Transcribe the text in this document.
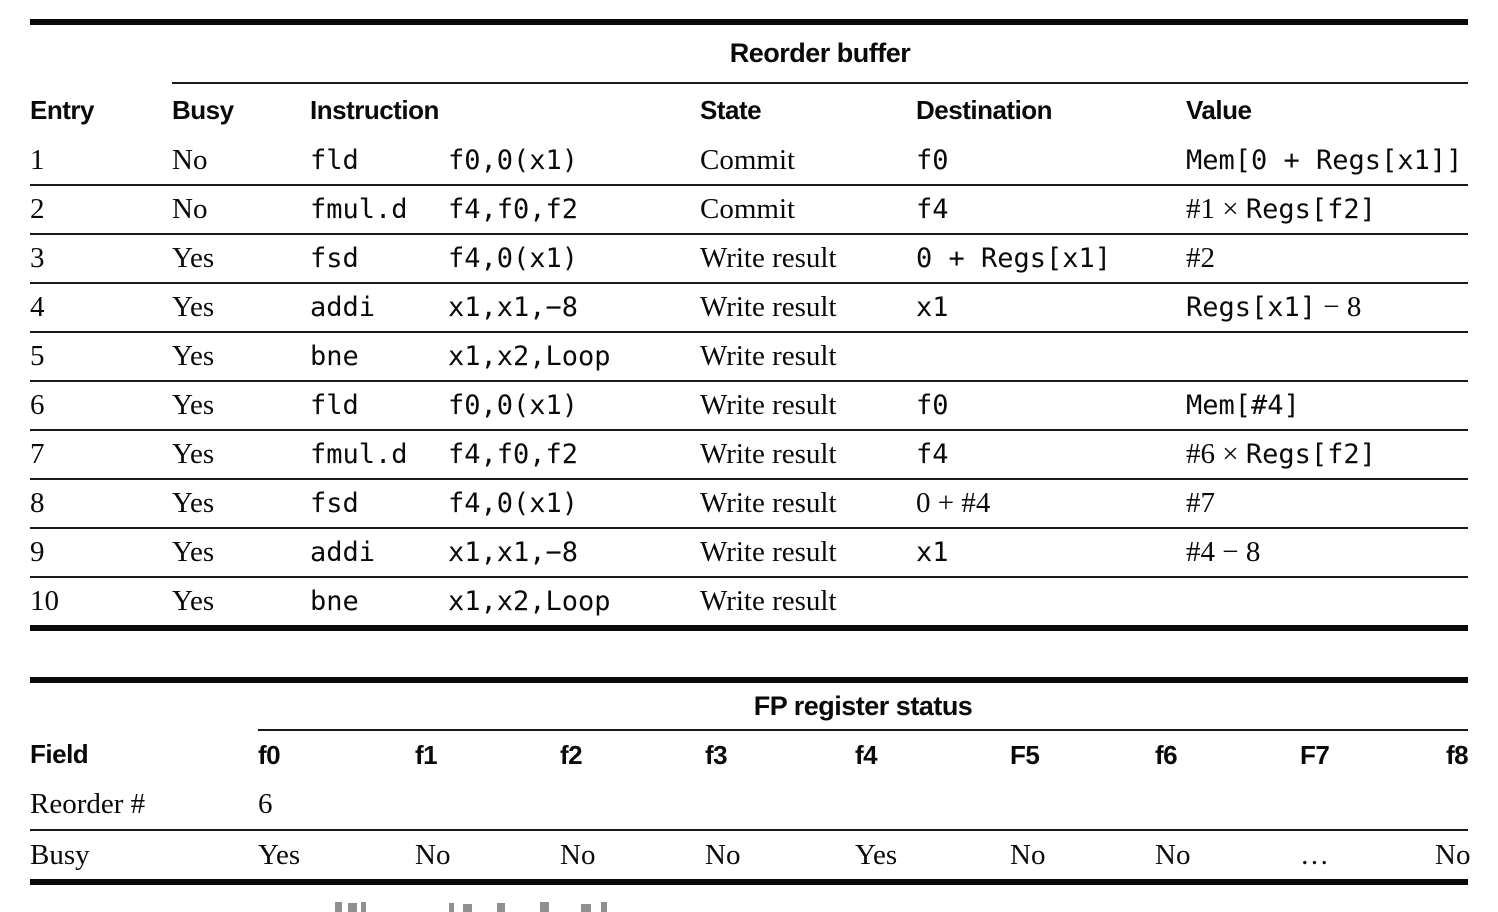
	Reorder buffer				
Entry	Busy	Instruction	State	Destination	Value
1	No	fld f0,0(x1)	Commit	f0	Mem[0 + Regs[x1]]
2	No	fmul.d f4,f0,f2	Commit	f4	#1 × Regs[f2]
3	Yes	fsd f4,0(x1)	Write result	0 + Regs[x1]	#2
4	Yes	addi x1,x1,−8	Write result	x1	Regs[x1] − 8
5	Yes	bne x1,x2,Loop	Write result		
6	Yes	fld f0,0(x1)	Write result	f0	Mem[#4]
7	Yes	fmul.d f4,f0,f2	Write result	f4	#6 × Regs[f2]
8	Yes	fsd f4,0(x1)	Write result	0 + #4	#7
9	Yes	addi x1,x1,−8	Write result	x1	#4 − 8
10	Yes	bne x1,x2,Loop	Write result		
	FP register status								
Field	f0	f1	f2	f3	f4	F5	f6	F7	f8
Reorder #	6								
Busy	Yes	No	No	No	Yes	No	No	…	No
